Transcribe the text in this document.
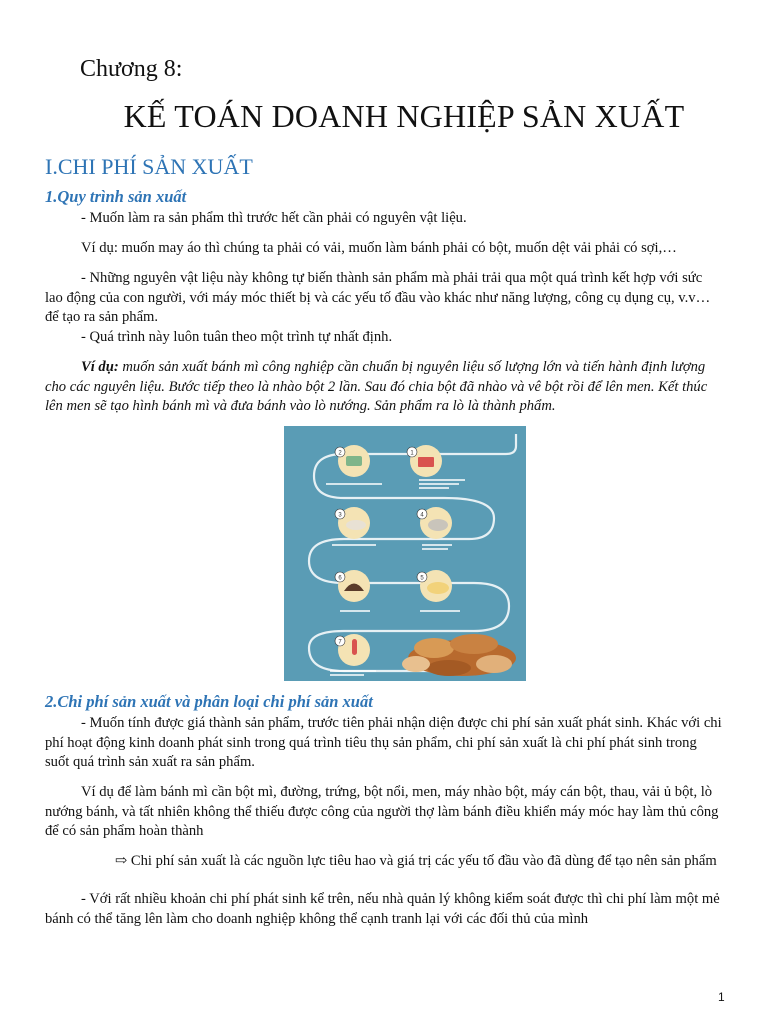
Chương 8:
KẾ TOÁN DOANH NGHIỆP SẢN XUẤT
I.CHI PHÍ SẢN XUẤT
1.Quy trình sản xuất

- Muốn làm ra sản phẩm thì trước hết cần phải có nguyên vật liệu.

Ví dụ: muốn may áo thì chúng ta phải có vải, muốn làm bánh phải có bột, muốn dệt vải phải có sợi,…

- Những nguyên vật liệu này không tự biến thành sản phẩm mà phải trải qua một quá trình kết hợp với sức lao động của con người, với máy móc thiết bị và các yếu tố đầu vào khác như năng lượng, công cụ dụng cụ, v.v…để tạo ra sản phẩm.

- Quá trình này luôn tuân theo một trình tự nhất định.

Ví dụ: muốn sản xuất bánh mì công nghiệp cần chuẩn bị nguyên liệu số lượng lớn và tiến hành định lượng cho các nguyên liệu. Bước tiếp theo là nhào bột 2 lần. Sau đó chia bột đã nhào và vê bột rồi để lên men. Kết thúc lên men sẽ tạo hình bánh mì và đưa bánh vào lò nướng. Sản phẩm ra lò là thành phẩm.

2	1
3	4
6	5
7
2.Chi phí sản xuất và phân loại chi phí sản xuất

- Muốn tính được giá thành sản phẩm, trước tiên phải nhận diện được chi phí sản xuất phát sinh. Khác với chi phí hoạt động kinh doanh phát sinh trong quá trình tiêu thụ sản phẩm, chi phí sản xuất là chi phí phát sinh trong suốt quá trình sản xuất ra sản phẩm.

Ví dụ để làm bánh mì cần bột mì, đường, trứng, bột nổi, men, máy nhào bột, máy cán bột, thau, vải ủ bột, lò nướng bánh, và tất nhiên không thể thiếu được công của người thợ làm bánh điều khiển máy móc hay làm thủ công để có sản phẩm hoàn thành

⇨ Chi phí sản xuất là các nguồn lực tiêu hao và giá trị các yếu tố đầu vào đã dùng để tạo nên sản phẩm

- Với rất nhiều khoản chi phí phát sinh kể trên, nếu nhà quản lý không kiểm soát được thì chi phí làm một mẻ bánh có thể tăng lên làm cho doanh nghiệp không thể cạnh tranh lại với các đối thủ của mình

1
